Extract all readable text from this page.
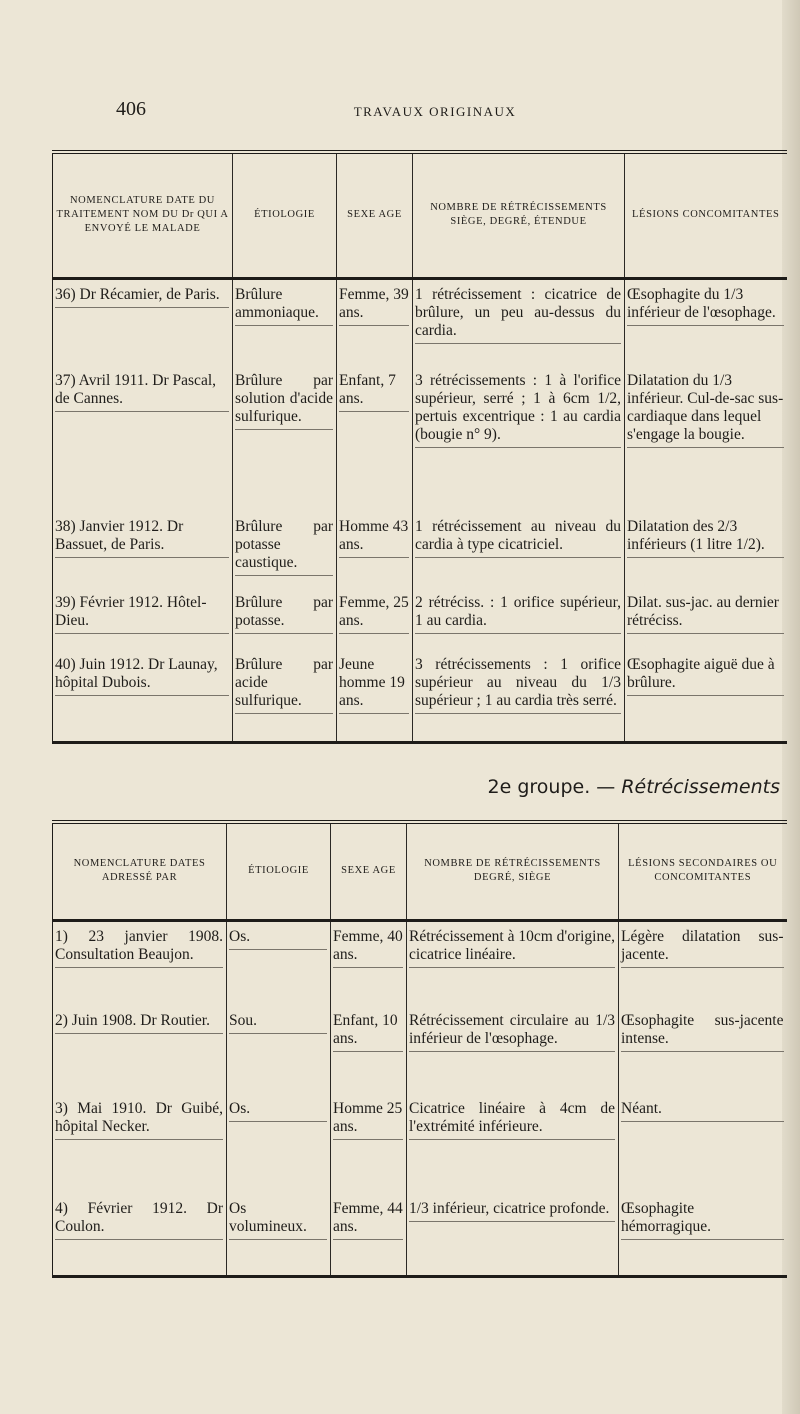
406	TRAVAUX ORIGINAUX
NOMENCLATURE DATE DU TRAITEMENT NOM DU Dr QUI A ENVOYÉ LE MALADE	ÉTIOLOGIE	SEXE AGE	NOMBRE DE RÉTRÉCISSEMENTS SIÈGE, DEGRÉ, ÉTENDUE	LÉSIONS CONCOMITANTES

36) Dr Récamier, de Paris.	Brûlure ammoniaque.	Femme, 39 ans.	1 rétrécissement : cicatrice de brûlure, un peu au-dessus du cardia.	Œsophagite du 1/3 inférieur de l'œsophage.

37) Avril 1911. Dr Pascal, de Cannes.	Brûlure par solution d'acide sulfurique.	Enfant, 7 ans.	3 rétrécissements : 1 à l'orifice supérieur, serré ; 1 à 6cm 1/2, pertuis excentrique : 1 au cardia (bougie n° 9).	Dilatation du 1/3 inférieur. Cul-de-sac sus-cardiaque dans lequel s'engage la bougie.

38) Janvier 1912. Dr Bassuet, de Paris.	Brûlure par potasse caustique.	Homme 43 ans.	1 rétrécissement au niveau du cardia à type cicatriciel.	Dilatation des 2/3 inférieurs (1 litre 1/2).

39) Février 1912. Hôtel-Dieu.	Brûlure par potasse.	Femme, 25 ans.	2 rétréciss. : 1 orifice supérieur, 1 au cardia.	Dilat. sus-jac. au dernier rétréciss.

40) Juin 1912. Dr Launay, hôpital Dubois.	Brûlure par acide sulfurique.	Jeune homme 19 ans.	3 rétrécissements : 1 orifice supérieur au niveau du 1/3 supérieur ; 1 au cardia très serré.	Œsophagite aiguë due à brûlure.
2e groupe. — Rétrécissements
NOMENCLATURE DATES ADRESSÉ PAR	ÉTIOLOGIE	SEXE AGE	NOMBRE DE RÉTRÉCISSEMENTS DEGRÉ, SIÈGE	LÉSIONS SECONDAIRES OU CONCOMITANTES

1) 23 janvier 1908. Consultation Beaujon.	Os.	Femme, 40 ans.	Rétrécissement à 10cm d'origine, cicatrice linéaire.	Légère dilatation sus-jacente.

2) Juin 1908. Dr Routier.	Sou.	Enfant, 10 ans.	Rétrécissement circulaire au 1/3 inférieur de l'œsophage.	Œsophagite sus-jacente intense.

3) Mai 1910. Dr Guibé, hôpital Necker.	Os.	Homme 25 ans.	Cicatrice linéaire à 4cm de l'extrémité inférieure.	Néant.

4) Février 1912. Dr Coulon.	Os volumineux.	Femme, 44 ans.	1/3 inférieur, cicatrice profonde.	Œsophagite hémorragique.
